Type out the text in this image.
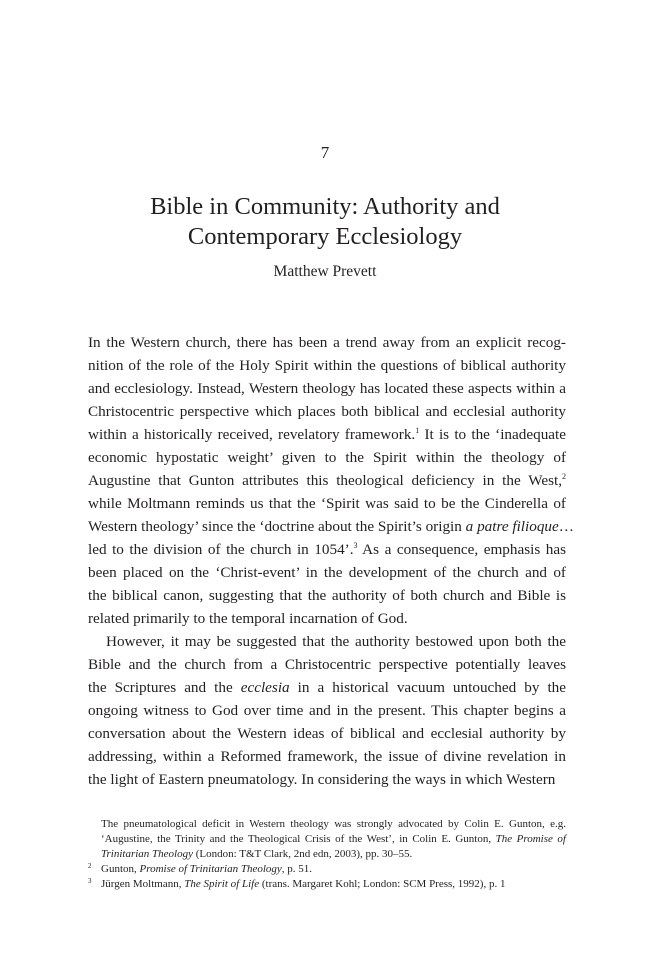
7
Bible in Community: Authority and
Contemporary Ecclesiology
Matthew Prevett
In the Western church, there has been a trend away from an explicit recog-
nition of the role of the Holy Spirit within the questions of biblical authority
and ecclesiology. Instead, Western theology has located these aspects within a
Christocentric perspective which places both biblical and ecclesial authority
within a historically received, revelatory framework.$^1$ It is to the ‘inadequate
economic hypostatic weight’ given to the Spirit within the theology of
Augustine that Gunton attributes this theological deficiency in the West,$^2$
while Moltmann reminds us that the ‘Spirit was said to be the Cinderella of
Western theology’ since the ‘doctrine about the Spirit’s origin a patre filioque…
led to the division of the church in 1054’.$^3$ As a consequence, emphasis has
been placed on the ‘Christ-event’ in the development of the church and of
the biblical canon, suggesting that the authority of both church and Bible is
related primarily to the temporal incarnation of God.
However, it may be suggested that the authority bestowed upon both the
Bible and the church from a Christocentric perspective potentially leaves
the Scriptures and the ecclesia in a historical vacuum untouched by the
ongoing witness to God over time and in the present. This chapter begins a
conversation about the Western ideas of biblical and ecclesial authority by
addressing, within a Reformed framework, the issue of divine revelation in
the light of Eastern pneumatology. In considering the ways in which Western
The pneumatological deficit in Western theology was strongly advocated by Colin E. Gunton, e.g.
‘Augustine, the Trinity and the Theological Crisis of the West’, in Colin E. Gunton, The Promise of
Trinitarian Theology (London: T&T Clark, 2nd edn, 2003), pp. 30–55.
2 Gunton, Promise of Trinitarian Theology, p. 51.
3 Jürgen Moltmann, The Spirit of Life (trans. Margaret Kohl; London: SCM Press, 1992), p. 1
